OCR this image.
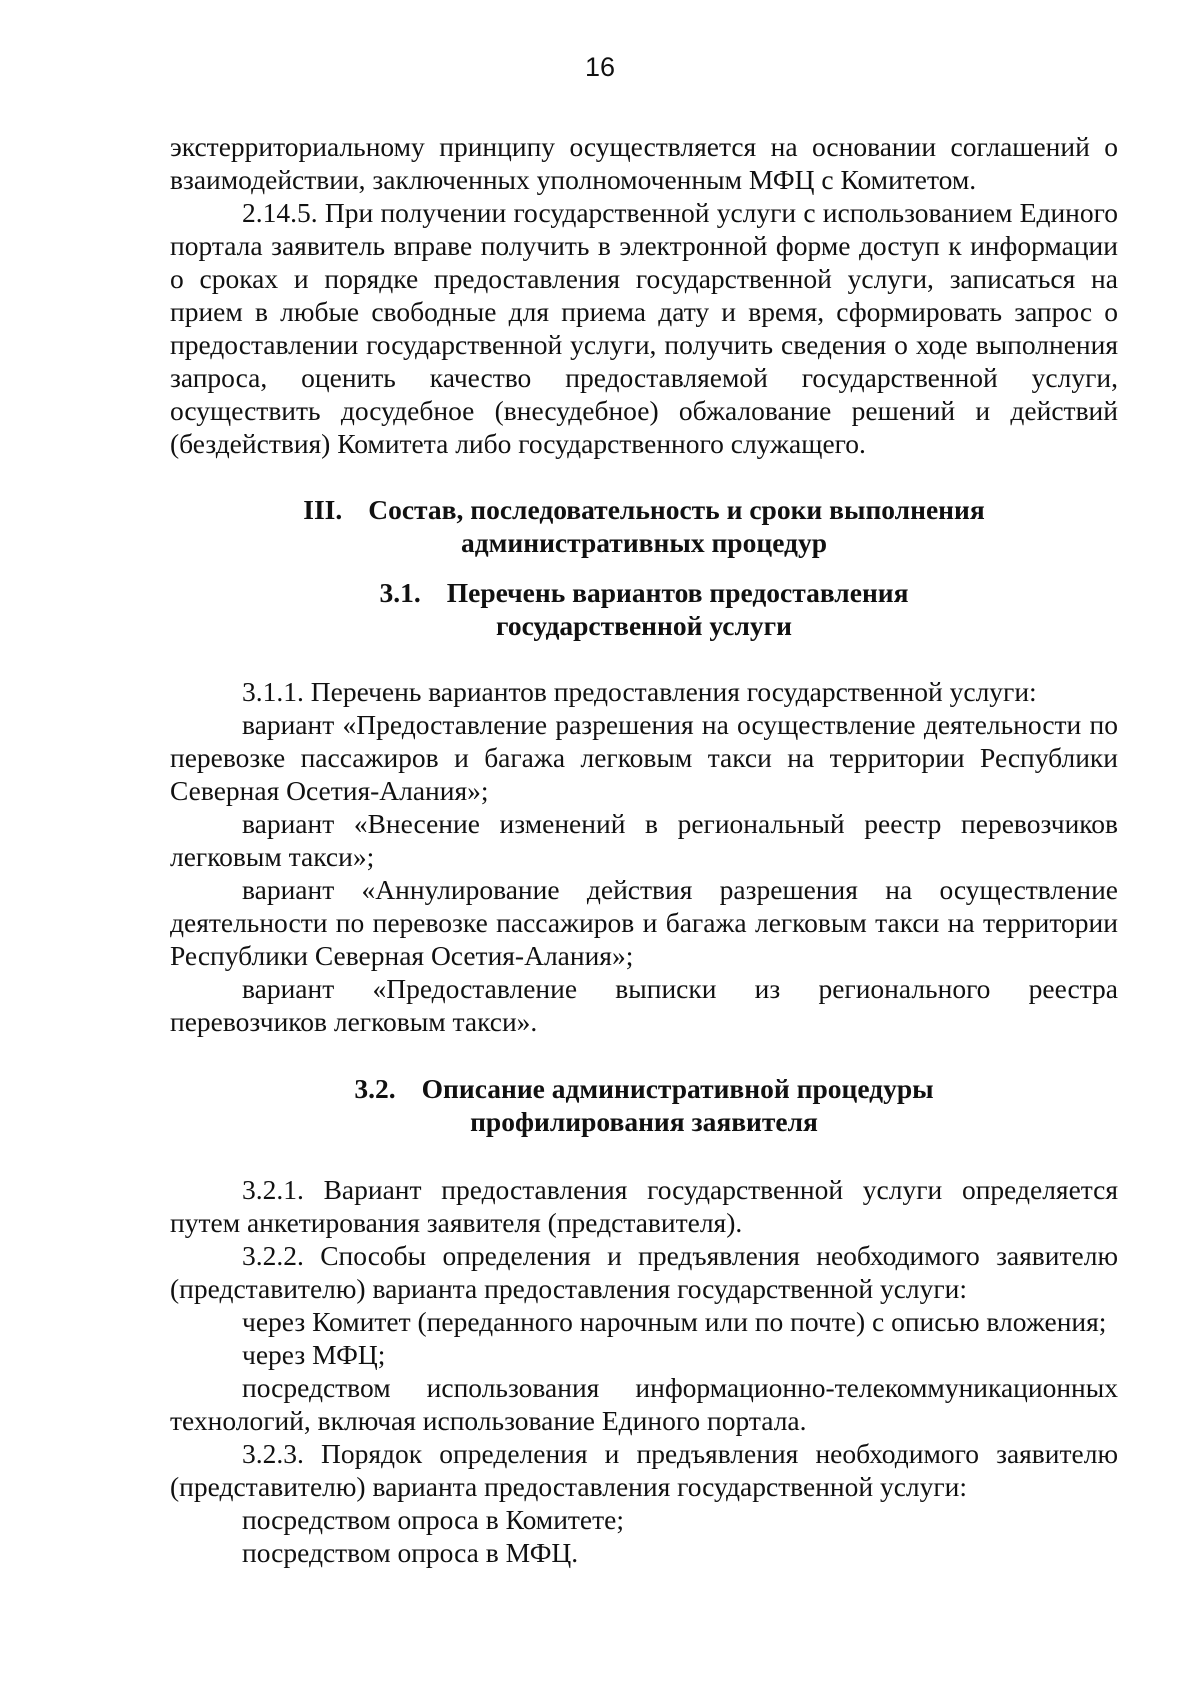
16

экстерриториальному принципу осуществляется на основании соглашений о взаимодействии, заключенных уполномоченным МФЦ с Комитетом.

2.14.5. При получении государственной услуги с использованием Единого портала заявитель вправе получить в электронной форме доступ к информации о сроках и порядке предоставления государственной услуги, записаться на прием в любые свободные для приема дату и время, сформировать запрос о предоставлении государственной услуги, получить сведения о ходе выполнения запроса, оценить качество предоставляемой государственной услуги, осуществить досудебное (внесудебное) обжалование решений и действий (бездействия) Комитета либо государственного служащего.

III. Состав, последовательность и сроки выполнения
административных процедур
3.1. Перечень вариантов предоставления
государственной услуги

3.1.1. Перечень вариантов предоставления государственной услуги:

вариант «Предоставление разрешения на осуществление деятельности по перевозке пассажиров и багажа легковым такси на территории Республики Северная Осетия-Алания»;

вариант «Внесение изменений в региональный реестр перевозчиков легковым такси»;

вариант «Аннулирование действия разрешения на осуществление деятельности по перевозке пассажиров и багажа легковым такси на территории Республики Северная Осетия-Алания»;

вариант «Предоставление выписки из регионального реестра перевозчиков легковым такси».

3.2. Описание административной процедуры
профилирования заявителя

3.2.1. Вариант предоставления государственной услуги определяется путем анкетирования заявителя (представителя).

3.2.2. Способы определения и предъявления необходимого заявителю (представителю) варианта предоставления государственной услуги:

через Комитет (переданного нарочным или по почте) с описью вложения;

через МФЦ;

посредством использования информационно-телекоммуникационных технологий, включая использование Единого портала.

3.2.3. Порядок определения и предъявления необходимого заявителю (представителю) варианта предоставления государственной услуги:

посредством опроса в Комитете;

посредством опроса в МФЦ.
